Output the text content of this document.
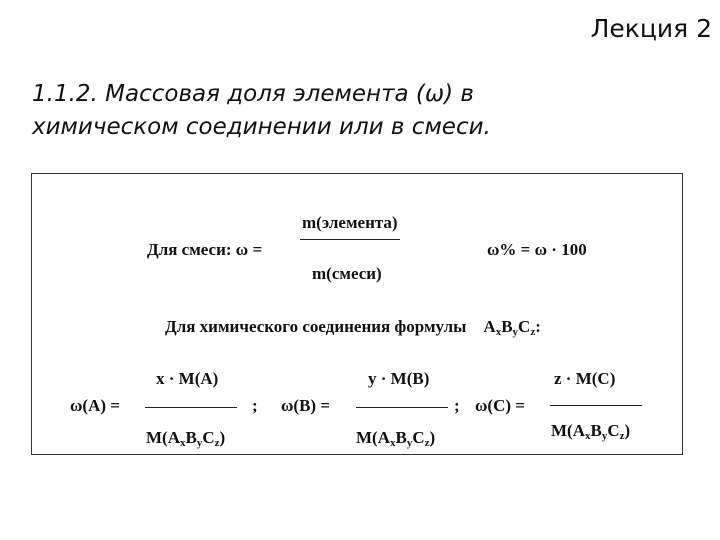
Лекция 2
1.1.2. Массовая доля элемента (ω) в
химическом соединении или в смеси.
Для смеси: ω =
m(элемента)
m(смеси)
ω% = ω · 100
Для химического соединения формулы $A_xB_yC_z$:
x · M(A)
ω(A) =	;
$M(A_xB_yC_z)$
y · M(B)
ω(B) =	;
$M(A_xB_yC_z)$
z · M(C)
ω(C) =
$M(A_xB_yC_z)$
